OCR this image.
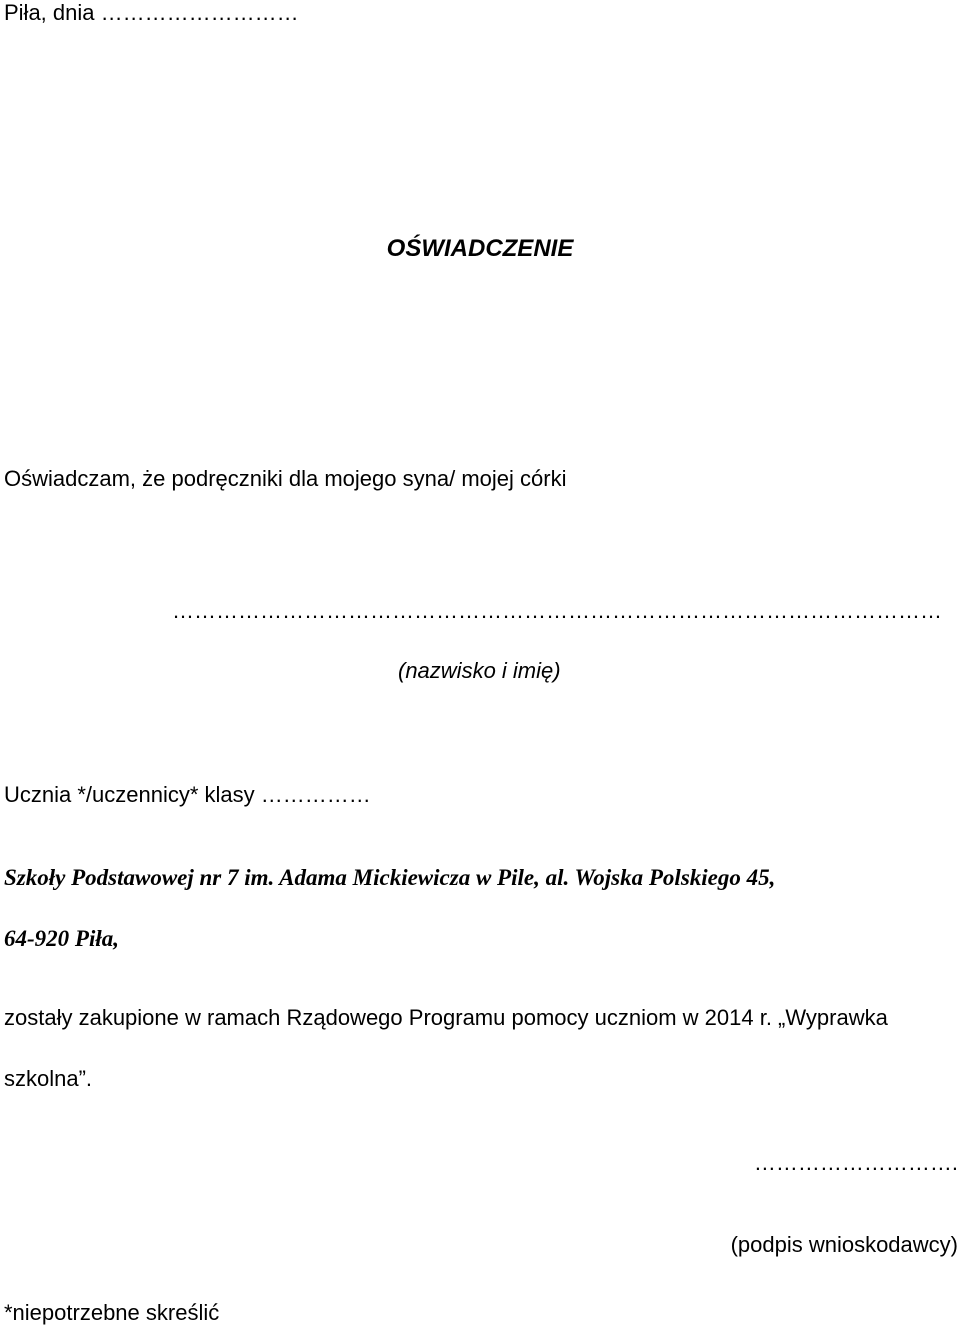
Piła, dnia ………………………
OŚWIADCZENIE
Oświadczam, że podręczniki dla mojego syna/ mojej córki
……………………………………………………………………………………………
(nazwisko i imię)
Ucznia */uczennicy* klasy ……………
Szkoły Podstawowej nr 7 im. Adama Mickiewicza w Pile, al. Wojska Polskiego 45,
64-920 Piła,
zostały zakupione w ramach Rządowego Programu pomocy uczniom w 2014 r. „Wyprawka
szkolna”.
……………………….
(podpis wnioskodawcy)
*niepotrzebne skreślić
